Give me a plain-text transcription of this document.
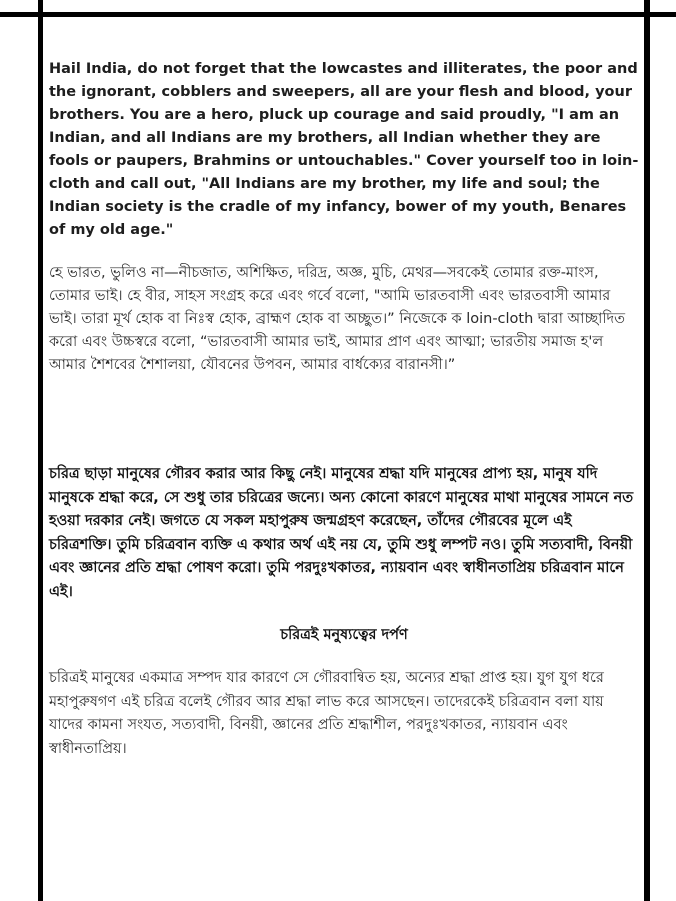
Hail India, do not forget that the lowcastes and illiterates, the poor and the ignorant, cobblers and sweepers, all are your flesh and blood, your brothers. You are a hero, pluck up courage and said proudly, "I am an Indian, and all Indians are my brothers, all Indian whether they are fools or paupers, Brahmins or untouchables." Cover yourself too in loin-cloth and call out, "All Indians are my brother, my life and soul; the Indian society is the cradle of my infancy, bower of my youth, Benares of my old age."

হে ভারত, ভুলিও না—নীচজাত, অশিক্ষিত, দরিদ্র, অজ্ঞ, মুচি, মেথর—সবকেই তোমার রক্ত-মাংস, তোমার ভাই। হে বীর, সাহস সংগ্রহ করে এবং গর্বে বলো, "আমি ভারতবাসী এবং ভারতবাসী আমার ভাই। তারা মূর্খ হোক বা নিঃস্ব হোক, ব্রাহ্মণ হোক বা অচ্ছুত।” নিজেকে ক loin-cloth দ্বারা আচ্ছাদিত করো এবং উচ্চস্বরে বলো, “ভারতবাসী আমার ভাই, আমার প্রাণ এবং আত্মা; ভারতীয় সমাজ হ'ল আমার শৈশবের শৈশালয়া, যৌবনের উপবন, আমার বার্ধক্যের বারানসী।”

চরিত্র ছাড়া মানুষের গৌরব করার আর কিছু নেই। মানুষের শ্রদ্ধা যদি মানুষের প্রাপ্য হয়, মানুষ যদি মানুষকে শ্রদ্ধা করে, সে শুধু তার চরিত্রের জন্যে। অন্য কোনো কারণে মানুষের মাথা মানুষের সামনে নত হওয়া দরকার নেই। জগতে যে সকল মহাপুরুষ জন্মগ্রহণ করেছেন, তাঁদের গৌরবের মূলে এই চরিত্রশক্তি। তুমি চরিত্রবান ব্যক্তি এ কথার অর্থ এই নয় যে, তুমি শুধু লম্পট নও। তুমি সত্যবাদী, বিনয়ী এবং জ্ঞানের প্রতি শ্রদ্ধা পোষণ করো। তুমি পরদুঃখকাতর, ন্যায়বান এবং স্বাধীনতাপ্রিয় চরিত্রবান মানে এই।

চরিত্রই মনুষ্যত্বের দর্পণ

চরিত্রই মানুষের একমাত্র সম্পদ যার কারণে সে গৌরবান্বিত হয়, অন্যের শ্রদ্ধা প্রাপ্ত হয়। যুগ যুগ ধরে মহাপুরুষগণ এই চরিত্র বলেই গৌরব আর শ্রদ্ধা লাভ করে আসছেন। তাদেরকেই চরিত্রবান বলা যায় যাদের কামনা সংযত, সত্যবাদী, বিনয়ী, জ্ঞানের প্রতি শ্রদ্ধাশীল, পরদুঃখকাতর, ন্যায়বান এবং স্বাধীনতাপ্রিয়।
